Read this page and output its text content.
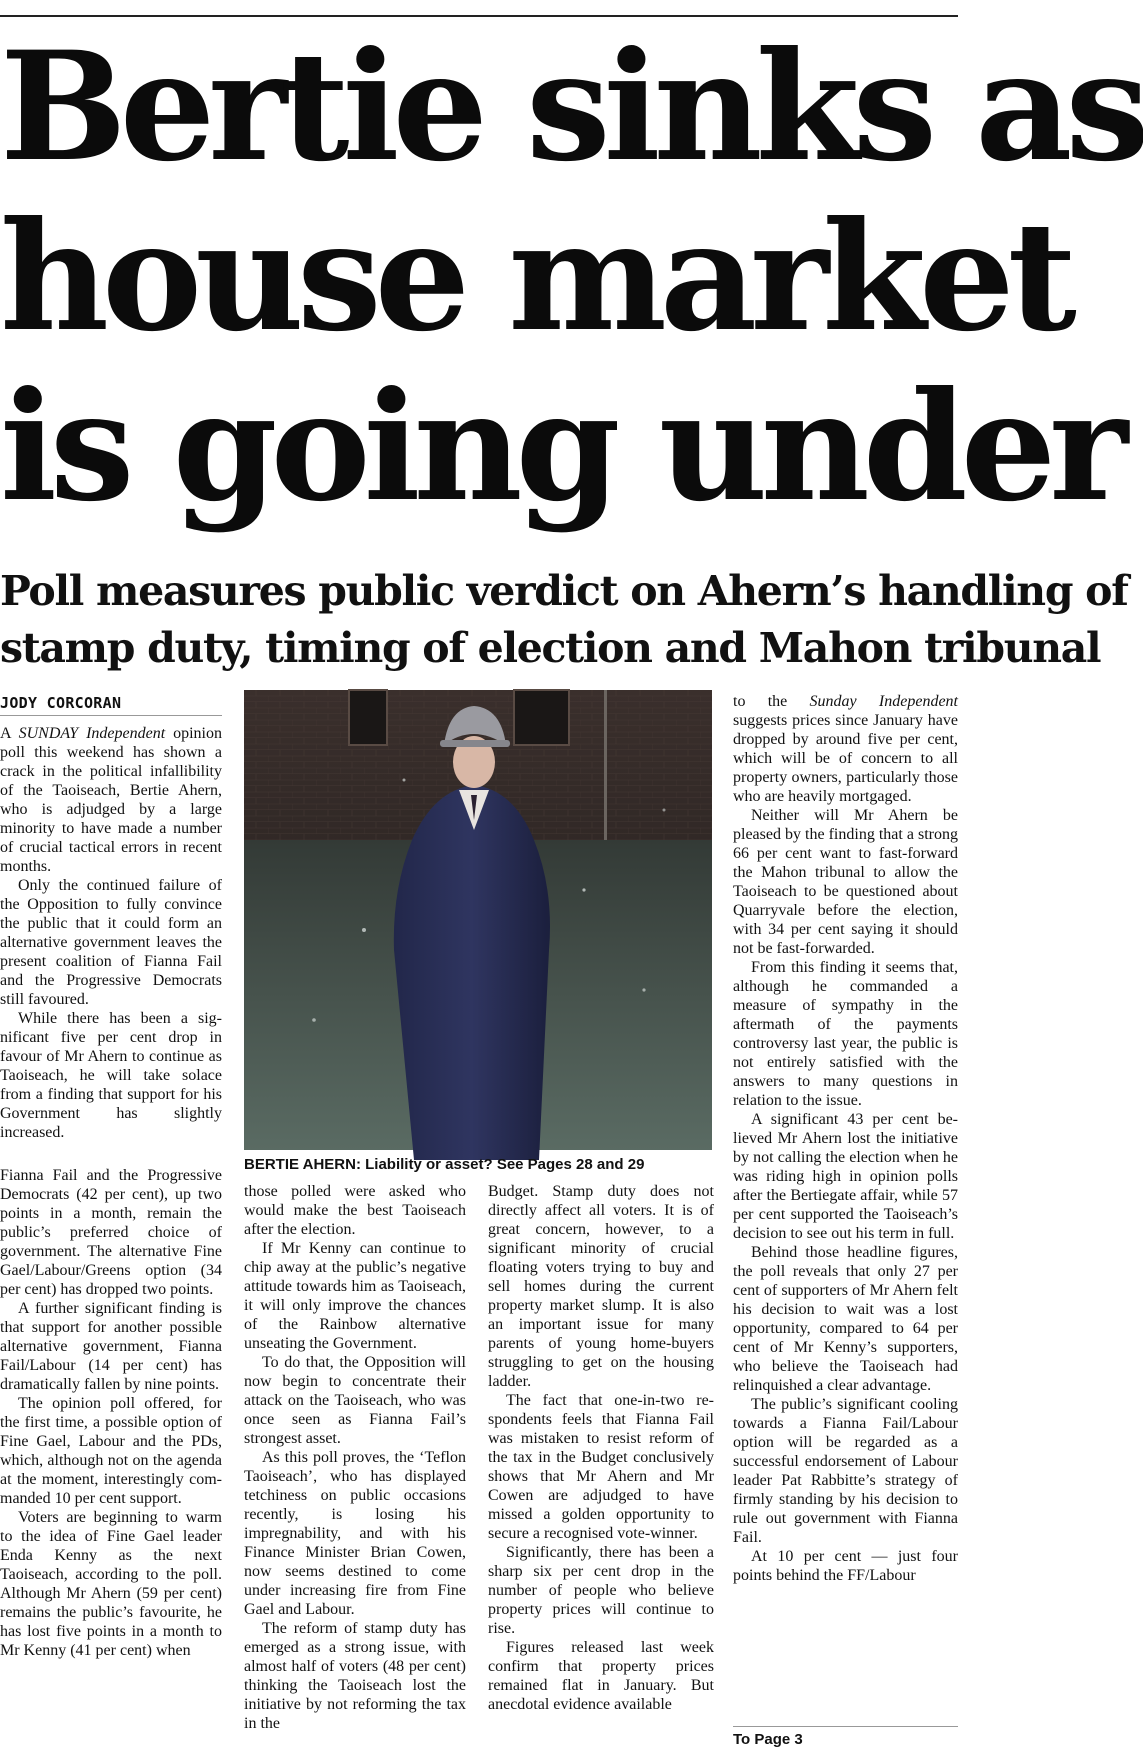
Bertie sinks as
house market
is going under
Poll measures public verdict on Ahern’s handling of
stamp duty, timing of election and Mahon tribunal
JODY CORCORAN

A SUNDAY Independent opinion poll this weekend has shown a crack in the political infallibility of the Taoiseach, Bertie Ahern, who is adjudged by a large minority to have made a number of crucial tactical errors in recent months.

Only the continued failure of the Opposition to fully convince the public that it could form an alternative government leaves the present coalition of Fianna Fail and the Progressive Democrats still favoured.

While there has been a significant five per cent drop in favour of Mr Ahern to continue as Taoiseach, he will take solace from a finding that support for his Government has slightly increased.

BERTIE AHERN: Liability or asset? See Pages 28 and 29

Fianna Fail and the Progressive Democrats (42 per cent), up two points in a month, remain the public’s preferred choice of government. The alternative Fine Gael/Labour/Greens option (34 per cent) has dropped two points.

A further significant finding is that support for another possible alternative government, Fianna Fail/Labour (14 per cent) has dramatically fallen by nine points.

The opinion poll offered, for the first time, a possible option of Fine Gael, Labour and the PDs, which, although not on the agenda at the moment, interestingly commanded 10 per cent support.

Voters are beginning to warm to the idea of Fine Gael leader Enda Kenny as the next Taoiseach, according to the poll. Although Mr Ahern (59 per cent) remains the public’s favourite, he has lost five points in a month to Mr Kenny (41 per cent) when

those polled were asked who would make the best Taoiseach after the election.

If Mr Kenny can continue to chip away at the public’s negative attitude towards him as Taoiseach, it will only improve the chances of the Rainbow alternative unseating the Government.

To do that, the Opposition will now begin to concentrate their attack on the Taoiseach, who was once seen as Fianna Fail’s strongest asset.

As this poll proves, the ‘Teflon Taoiseach’, who has displayed tetchiness on public occasions recently, is losing his impregnability, and with his Finance Minister Brian Cowen, now seems destined to come under increasing fire from Fine Gael and Labour.

The reform of stamp duty has emerged as a strong issue, with almost half of voters (48 per cent) thinking the Taoiseach lost the initiative by not reforming the tax in the

Budget. Stamp duty does not directly affect all voters. It is of great concern, however, to a significant minority of crucial floating voters trying to buy and sell homes during the current property market slump. It is also an important issue for many parents of young home-buyers struggling to get on the housing ladder.

The fact that one-in-two respondents feels that Fianna Fail was mistaken to resist reform of the tax in the Budget conclusively shows that Mr Ahern and Mr Cowen are adjudged to have missed a golden opportunity to secure a recognised vote-winner.

Significantly, there has been a sharp six per cent drop in the number of people who believe property prices will continue to rise.

Figures released last week confirm that property prices remained flat in January. But anecdotal evidence available

to the Sunday Independent suggests prices since January have dropped by around five per cent, which will be of concern to all property owners, particularly those who are heavily mortgaged.

Neither will Mr Ahern be pleased by the finding that a strong 66 per cent want to fast-forward the Mahon tribunal to allow the Taoiseach to be questioned about Quarryvale before the election, with 34 per cent saying it should not be fast-forwarded.

From this finding it seems that, although he commanded a measure of sympathy in the aftermath of the payments controversy last year, the public is not entirely satisfied with the answers to many questions in relation to the issue.

A significant 43 per cent believed Mr Ahern lost the initiative by not calling the election when he was riding high in opinion polls after the Bertiegate affair, while 57 per cent supported the Taoiseach’s decision to see out his term in full.

Behind those headline figures, the poll reveals that only 27 per cent of supporters of Mr Ahern felt his decision to wait was a lost opportunity, compared to 64 per cent of Mr Kenny’s supporters, who believe the Taoiseach had relinquished a clear advantage.

The public’s significant cooling towards a Fianna Fail/Labour option will be regarded as a successful endorsement of Labour leader Pat Rabbitte’s strategy of firmly standing by his decision to rule out government with Fianna Fail.

At 10 per cent — just four points behind the FF/Labour

To Page 3
